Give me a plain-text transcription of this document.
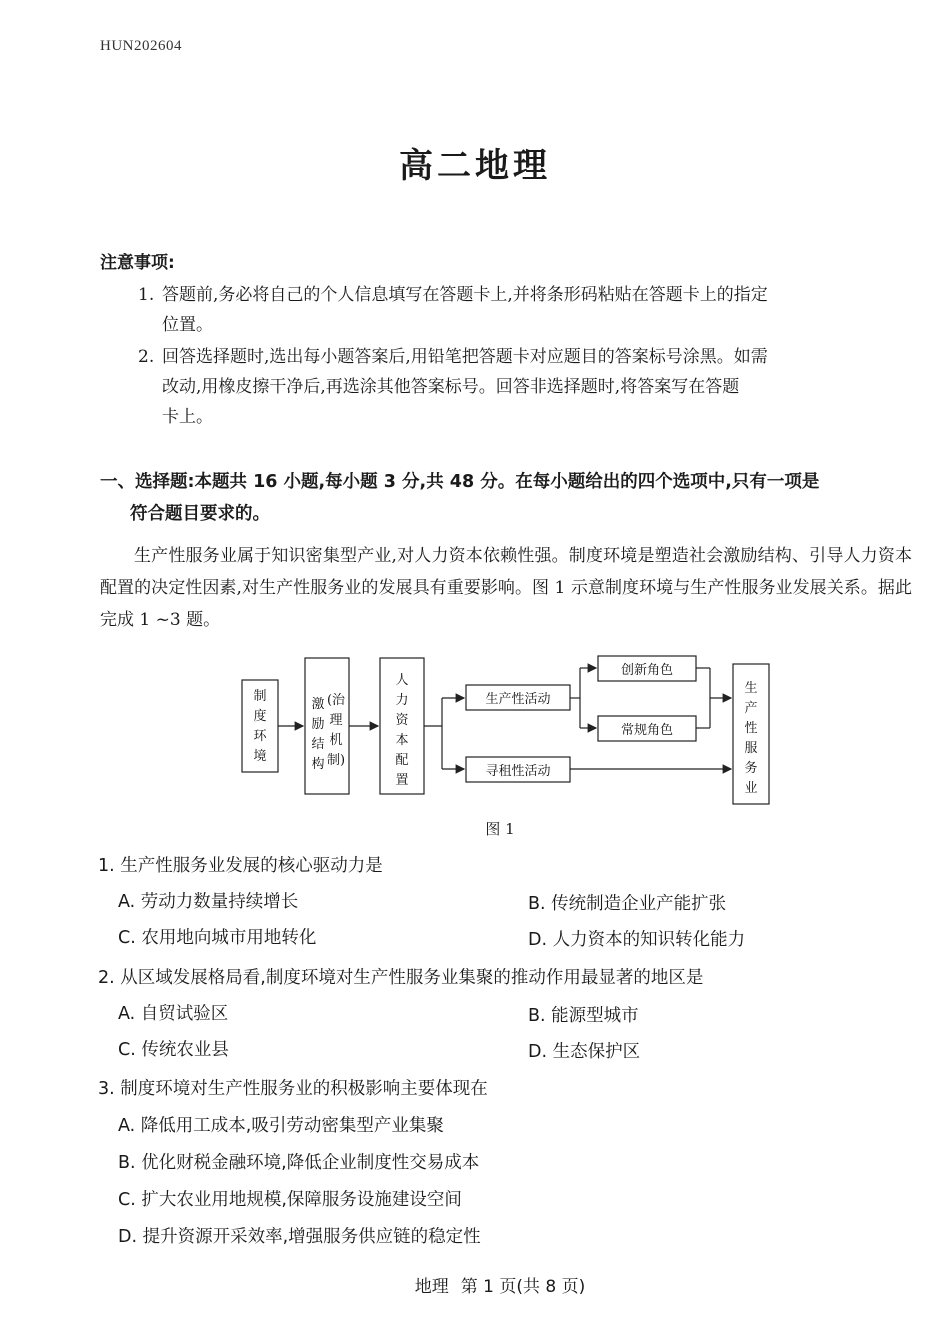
HUN202604
高二地理
注意事项:
1. 答题前,务必将自己的个人信息填写在答题卡上,并将条形码粘贴在答题卡上的指定
位置。
2. 回答选择题时,选出每小题答案后,用铅笔把答题卡对应题目的答案标号涂黑。如需
改动,用橡皮擦干净后,再选涂其他答案标号。回答非选择题时,将答案写在答题
卡上。
一、选择题:本题共 16 小题,每小题 3 分,共 48 分。在每小题给出的四个选项中,只有一项是
符合题目要求的。
生产性服务业属于知识密集型产业,对人力资本依赖性强。制度环境是塑造社会激励结构、引导人力资本配置的决定性因素,对生产性服务业的发展具有重要影响。图 1 示意制度环境与生产性服务业发展关系。据此完成 1 ~3 题。
制
度
环
境
(治
理
机
制)
激
励
结
构
人
力
资
本
配
置
生产性活动
寻租性活动
创新角色
常规角色
生
产
性
服
务
业
图 1
1. 生产性服务业发展的核心驱动力是
A. 劳动力数量持续增长	B. 传统制造企业产能扩张
C. 农用地向城市用地转化	D. 人力资本的知识转化能力
2. 从区域发展格局看,制度环境对生产性服务业集聚的推动作用最显著的地区是
A. 自贸试验区	B. 能源型城市
C. 传统农业县	D. 生态保护区
3. 制度环境对生产性服务业的积极影响主要体现在
A. 降低用工成本,吸引劳动密集型产业集聚
B. 优化财税金融环境,降低企业制度性交易成本
C. 扩大农业用地规模,保障服务设施建设空间
D. 提升资源开采效率,增强服务供应链的稳定性
地理 第 1 页(共 8 页)
